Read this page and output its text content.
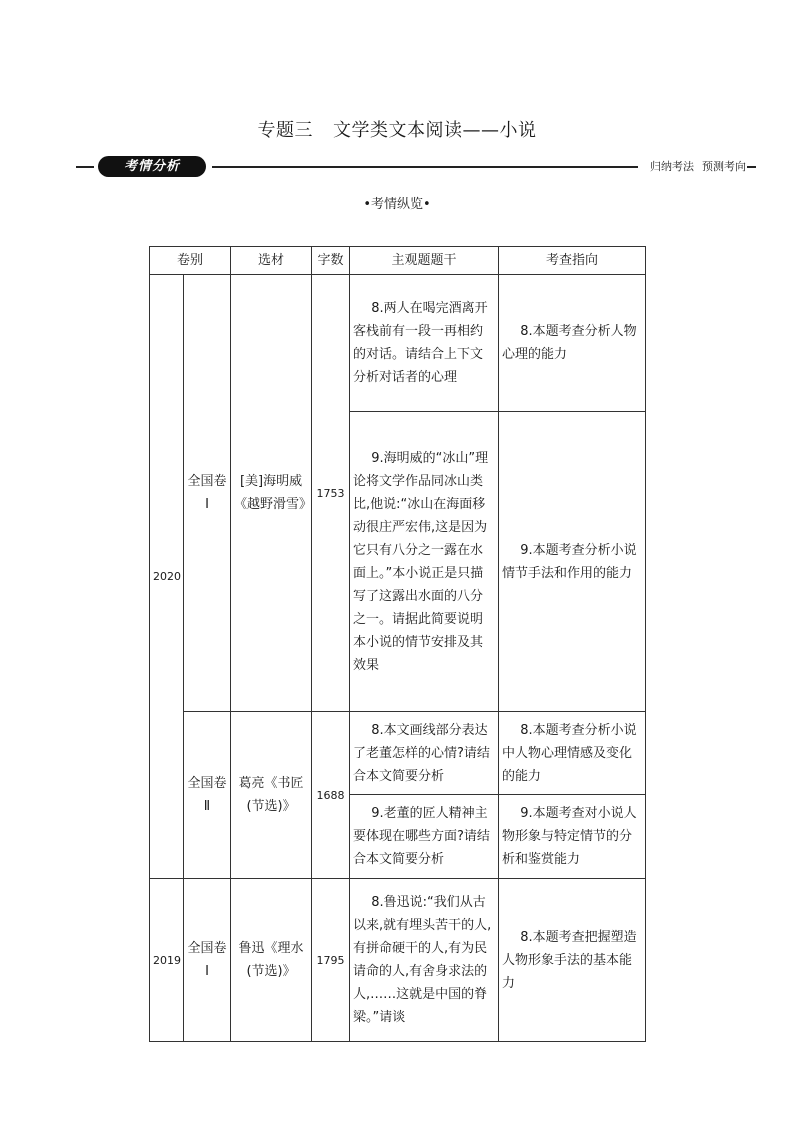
专题三 文学类文本阅读——小说
考情分析	归纳考法 预测考向
•考情纵览•
卷别		选材	字数	主观题题干	考查指向
2020	全国卷Ⅰ	[美]海明威《越野滑雪》	1753	8.两人在喝完酒离开客栈前有一段一再相约的对话。请结合上下文分析对话者的心理	8.本题考查分析人物心理的能力
				9.海明威的“冰山”理论将文学作品同冰山类比,他说:“冰山在海面移动很庄严宏伟,这是因为它只有八分之一露在水面上。”本小说正是只描写了这露出水面的八分之一。请据此简要说明本小说的情节安排及其效果	9.本题考查分析小说情节手法和作用的能力
	全国卷Ⅱ	葛亮《书匠(节选)》	1688	8.本文画线部分表达了老董怎样的心情?请结合本文简要分析	8.本题考查分析小说中人物心理情感及变化的能力
				9.老董的匠人精神主要体现在哪些方面?请结合本文简要分析	9.本题考查对小说人物形象与特定情节的分析和鉴赏能力
2019	全国卷Ⅰ	鲁迅《理水(节选)》	1795	8.鲁迅说:“我们从古以来,就有埋头苦干的人,有拼命硬干的人,有为民请命的人,有舍身求法的人,……这就是中国的脊梁。”请谈	8.本题考查把握塑造人物形象手法的基本能力
